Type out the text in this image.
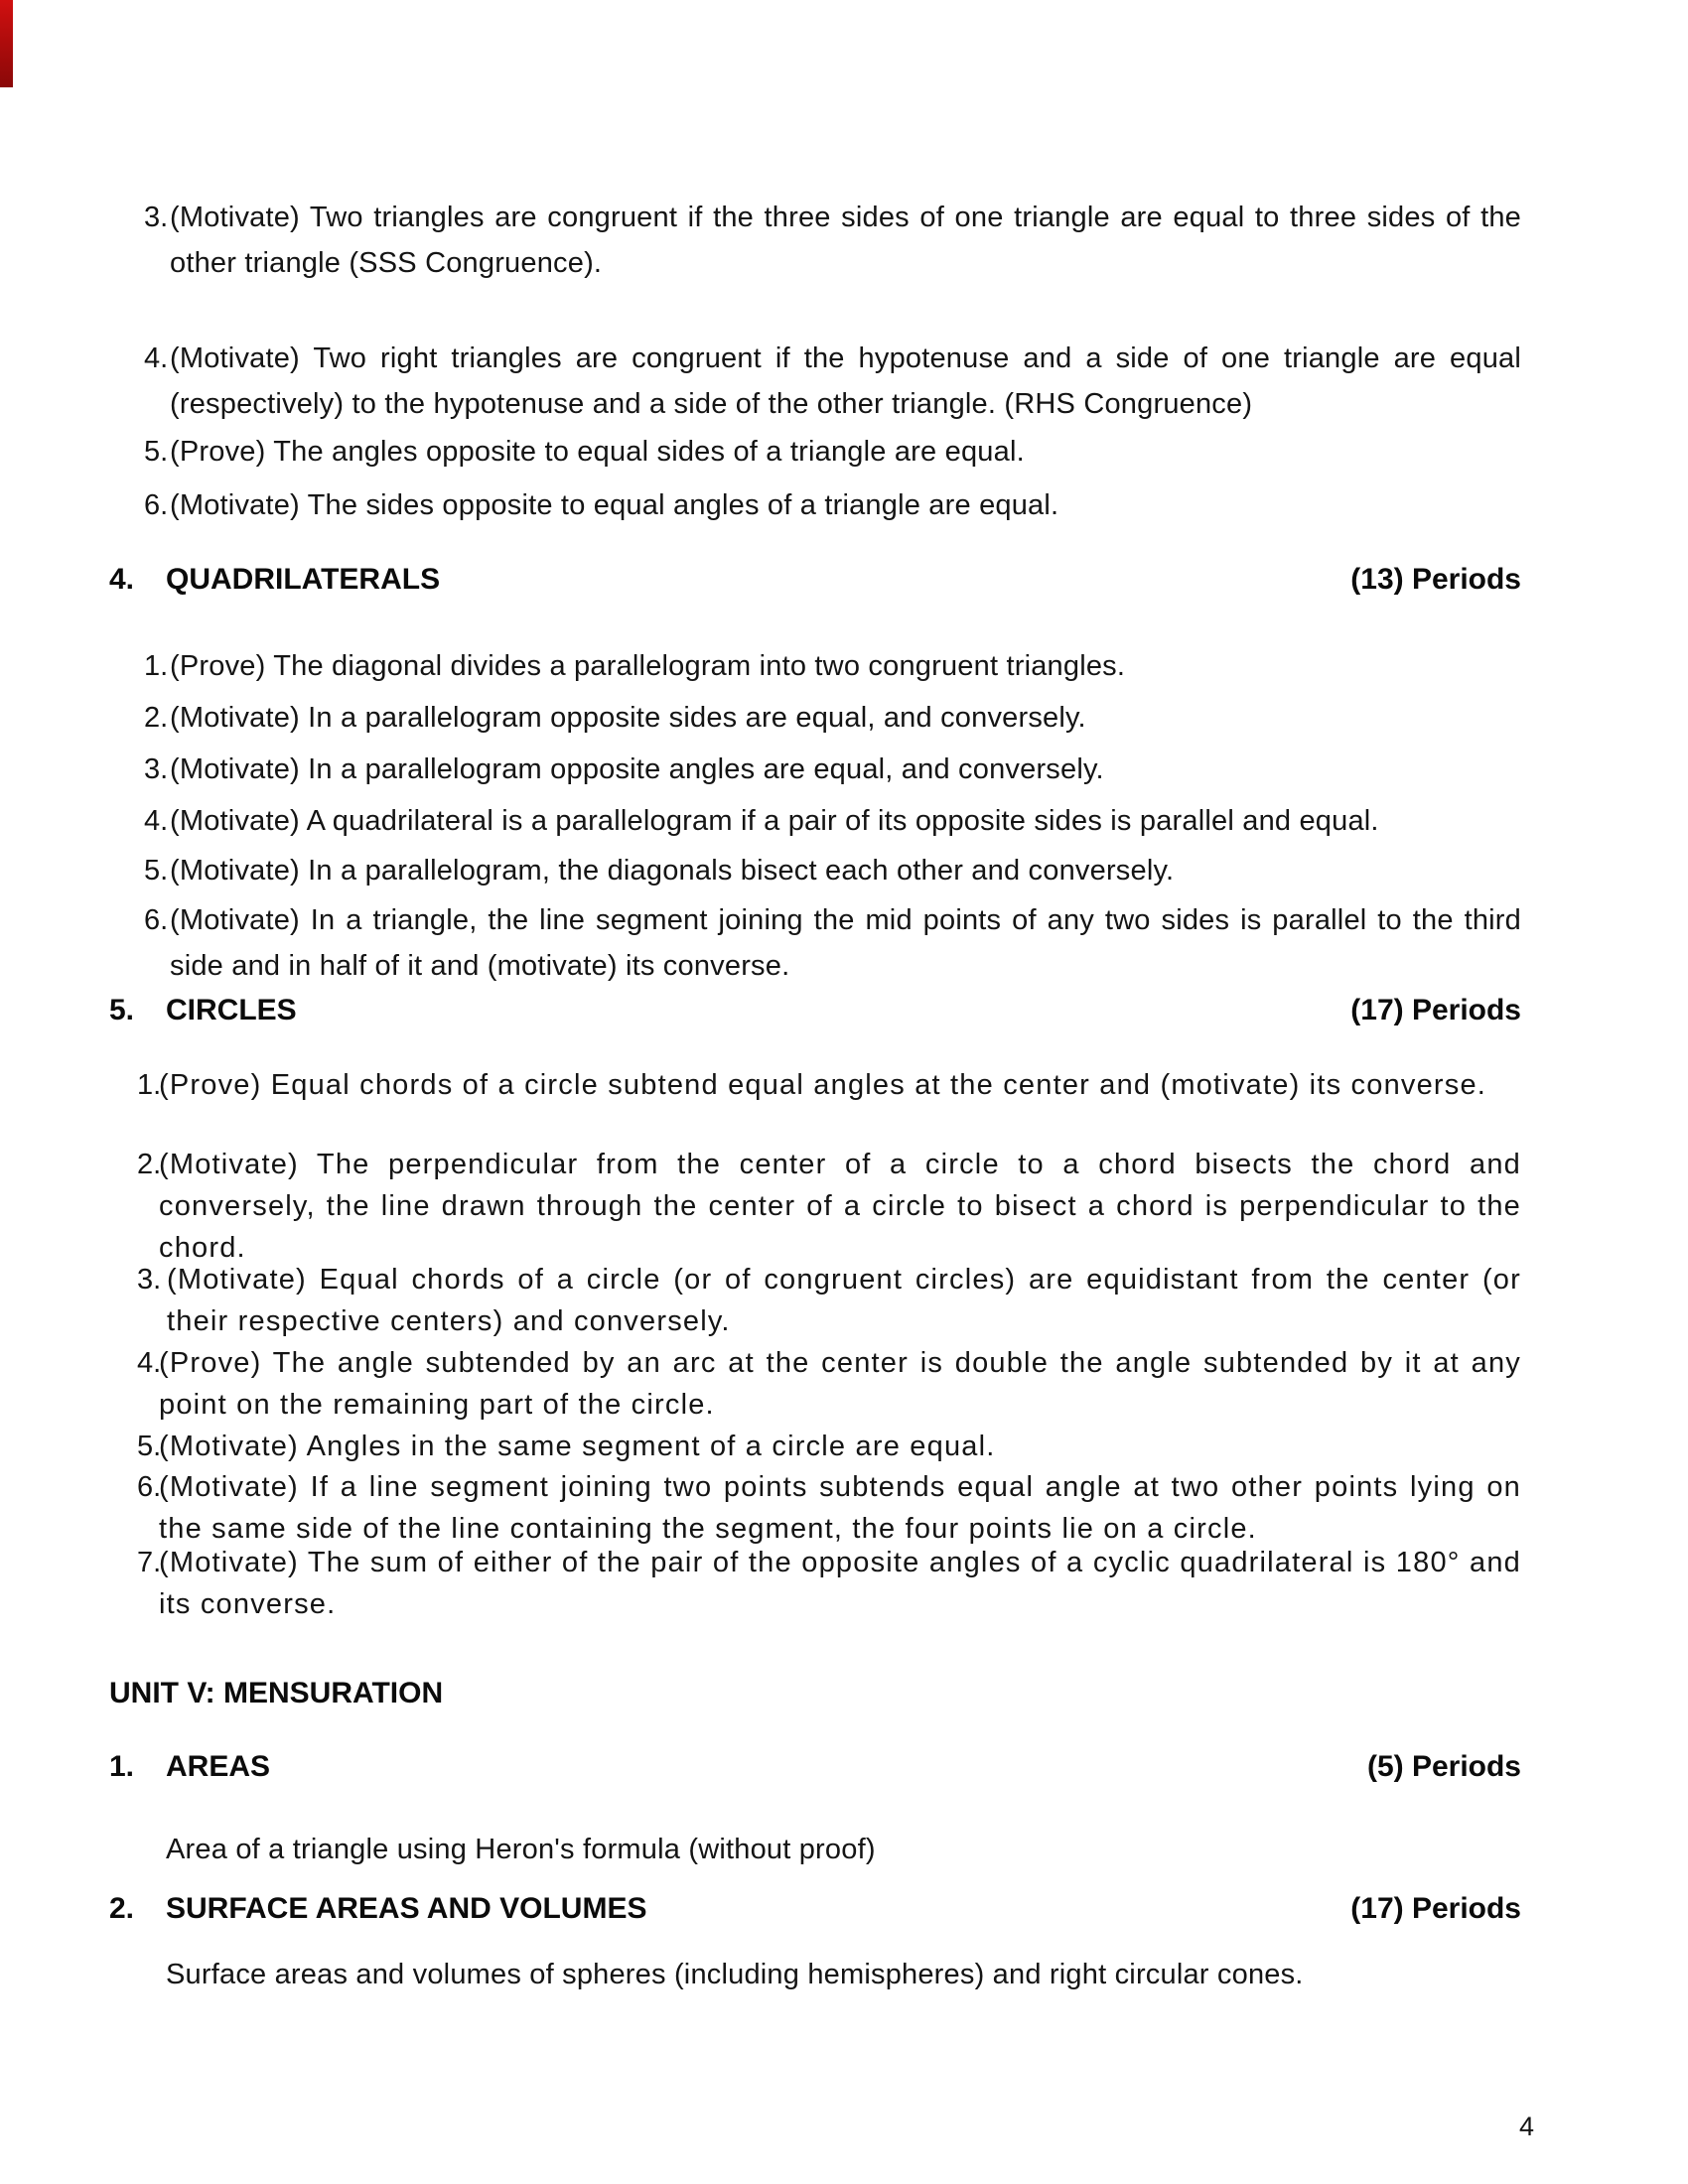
3. (Motivate) Two triangles are congruent if the three sides of one triangle are equal to three sides of the other triangle (SSS Congruence).
4. (Motivate) Two right triangles are congruent if the hypotenuse and a side of one triangle are equal (respectively) to the hypotenuse and a side of the other triangle. (RHS Congruence)
5. (Prove) The angles opposite to equal sides of a triangle are equal.
6. (Motivate) The sides opposite to equal angles of a triangle are equal.
4.	QUADRILATERALS	(13) Periods
1. (Prove) The diagonal divides a parallelogram into two congruent triangles.
2. (Motivate) In a parallelogram opposite sides are equal, and conversely.
3. (Motivate) In a parallelogram opposite angles are equal, and conversely.
4. (Motivate) A quadrilateral is a parallelogram if a pair of its opposite sides is parallel and equal.
5. (Motivate) In a parallelogram, the diagonals bisect each other and conversely.
6. (Motivate) In a triangle, the line segment joining the mid points of any two sides is parallel to the third side and in half of it and (motivate) its converse.
5.	CIRCLES	(17) Periods
1.
(Prove) Equal chords of a circle subtend equal angles at the center and (motivate) its converse.
2.
(Motivate) The perpendicular from the center of a circle to a chord bisects the chord and conversely, the line drawn through the center of a circle to bisect a chord is perpendicular to the chord.
3. (Motivate) Equal chords of a circle (or of congruent circles) are equidistant from the center (or their respective centers) and conversely.
4.
(Prove) The angle subtended by an arc at the center is double the angle subtended by it at any point on the remaining part of the circle.
5.
(Motivate) Angles in the same segment of a circle are equal.
6.
(Motivate) If a line segment joining two points subtends equal angle at two other points lying on the same side of the line containing the segment, the four points lie on a circle.
7.
(Motivate) The sum of either of the pair of the opposite angles of a cyclic quadrilateral is 180° and its converse.
UNIT V: MENSURATION
1.	AREAS	(5) Periods
Area of a triangle using Heron's formula (without proof)
2.	SURFACE AREAS AND VOLUMES	(17) Periods
Surface areas and volumes of spheres (including hemispheres) and right circular cones.
4
